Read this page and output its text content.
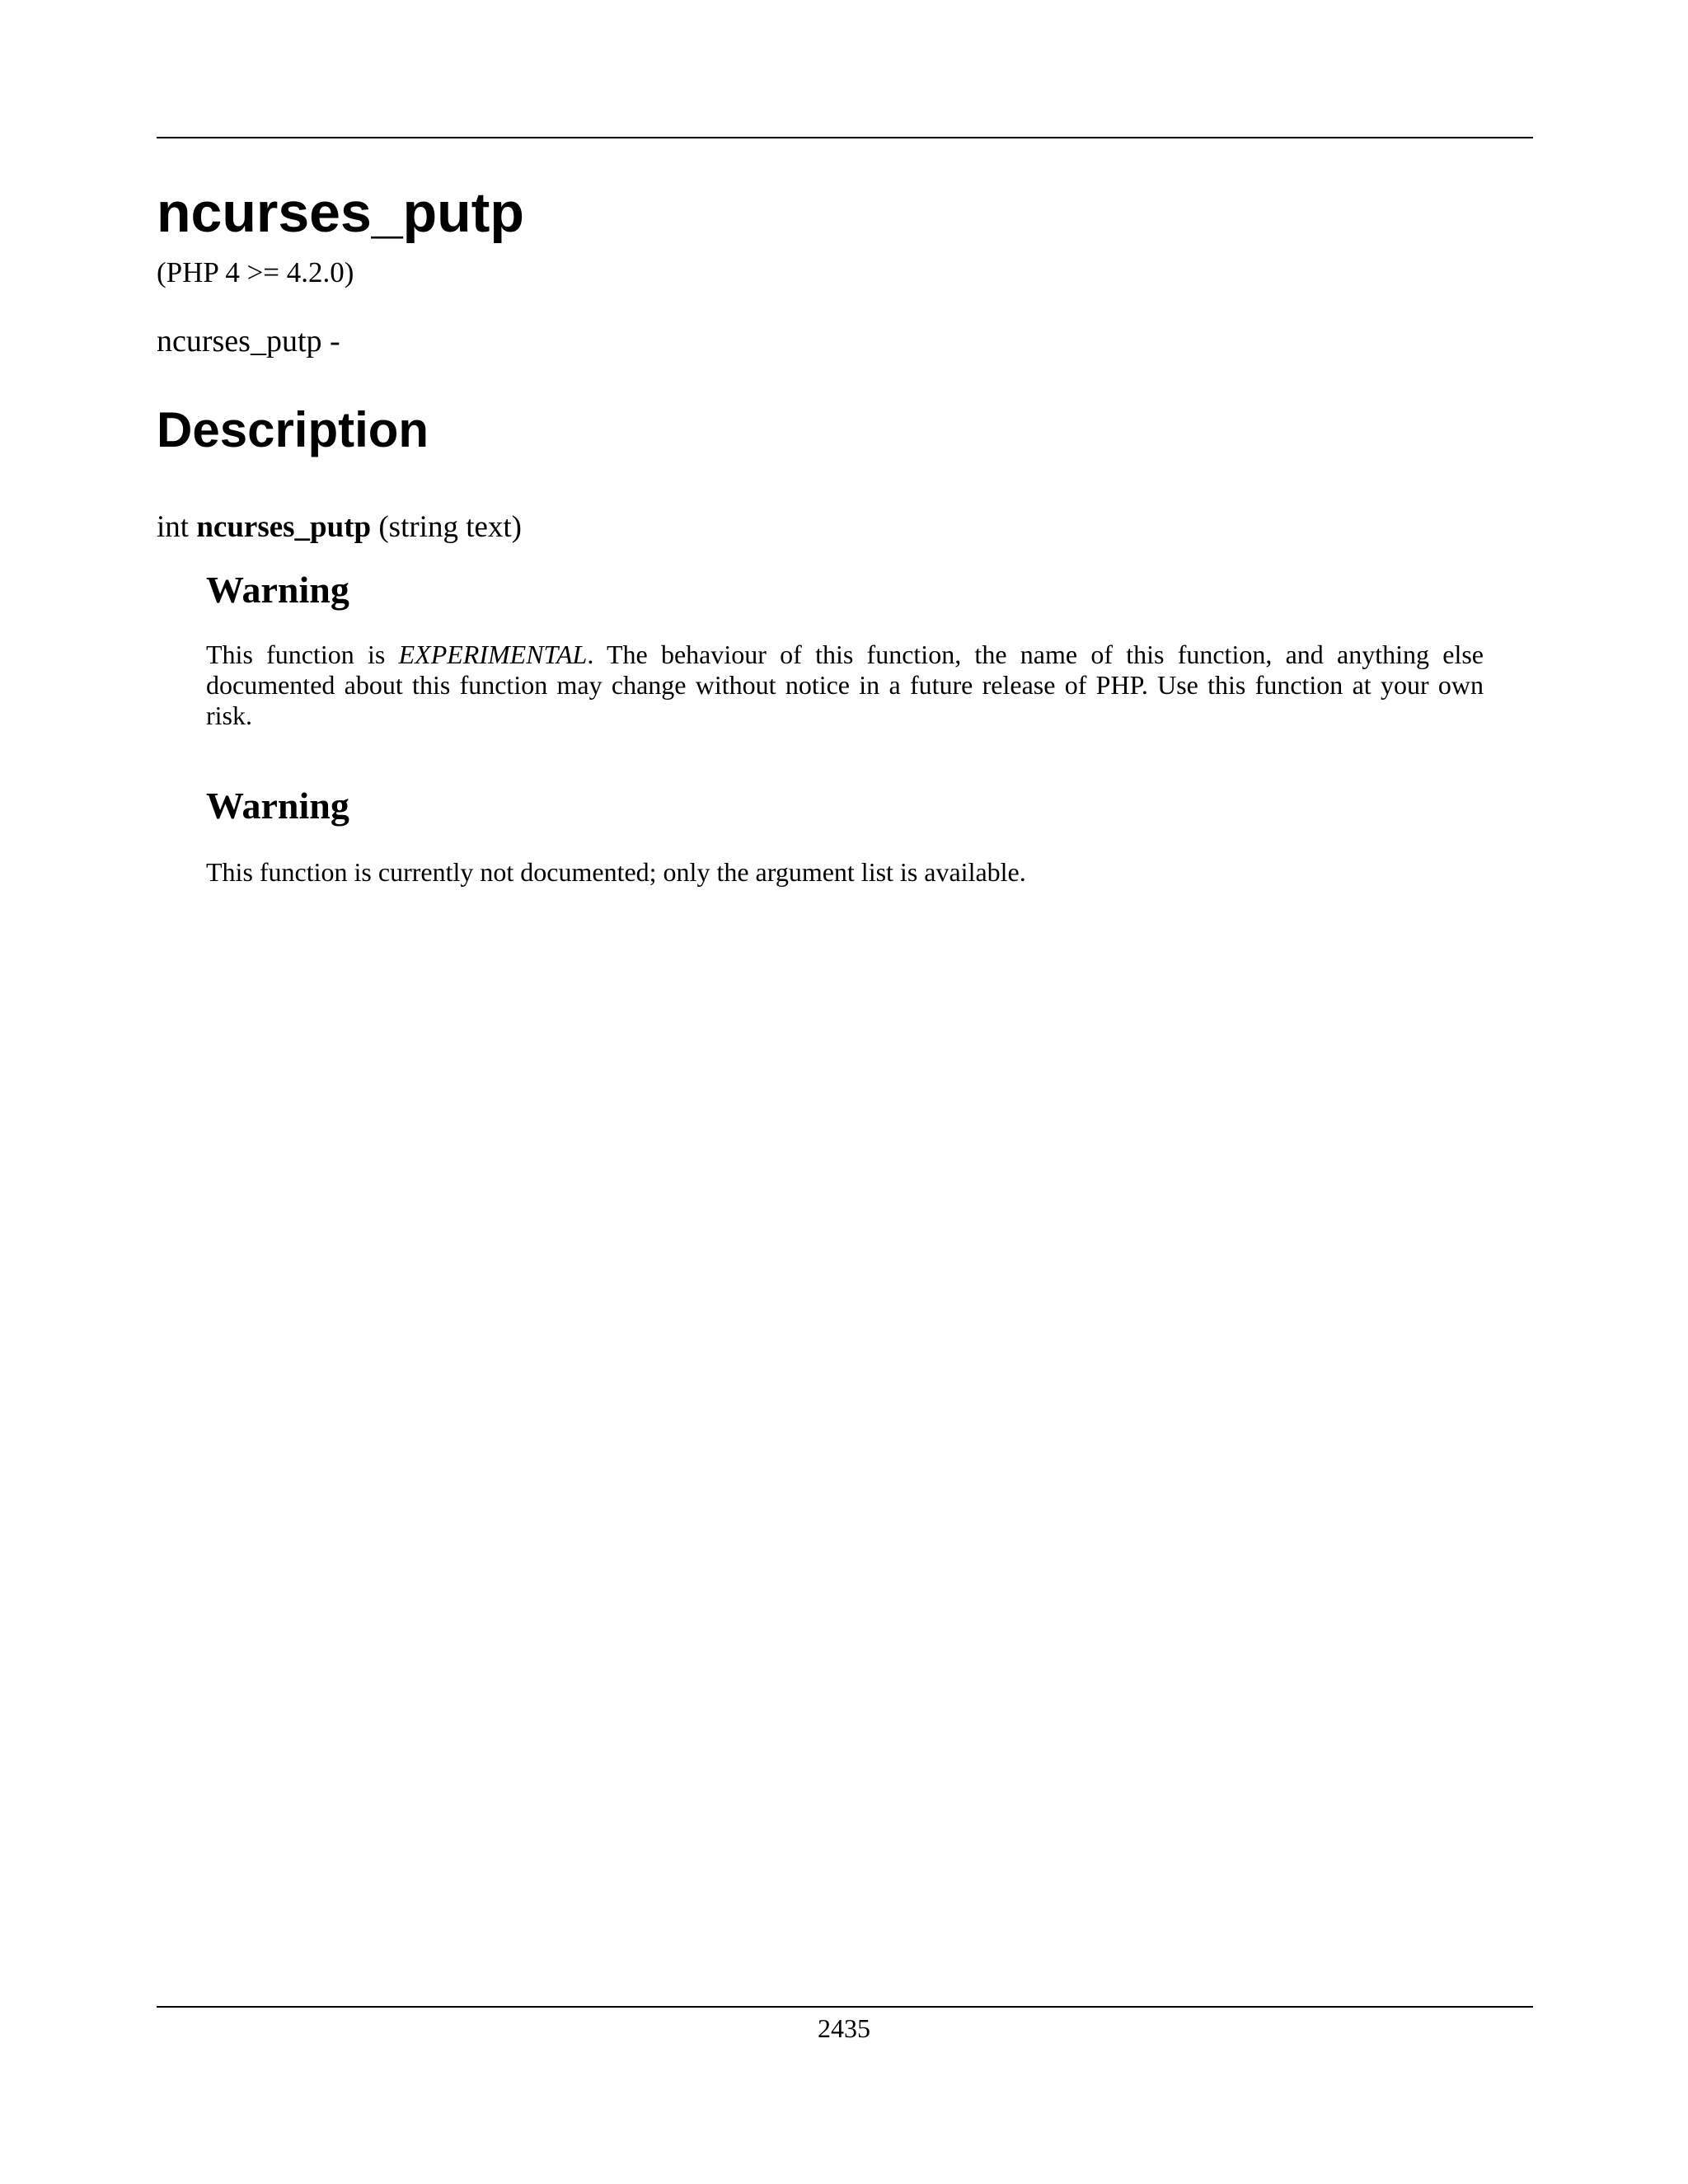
ncurses_putp
(PHP 4 >= 4.2.0)
ncurses_putp -
Description
int ncurses_putp (string text)
Warning

This function is EXPERIMENTAL. The behaviour of this function, the name of this function, and anything else documented about this function may change without notice in a future release of PHP. Use this function at your own risk.

Warning

This function is currently not documented; only the argument list is available.

2435
